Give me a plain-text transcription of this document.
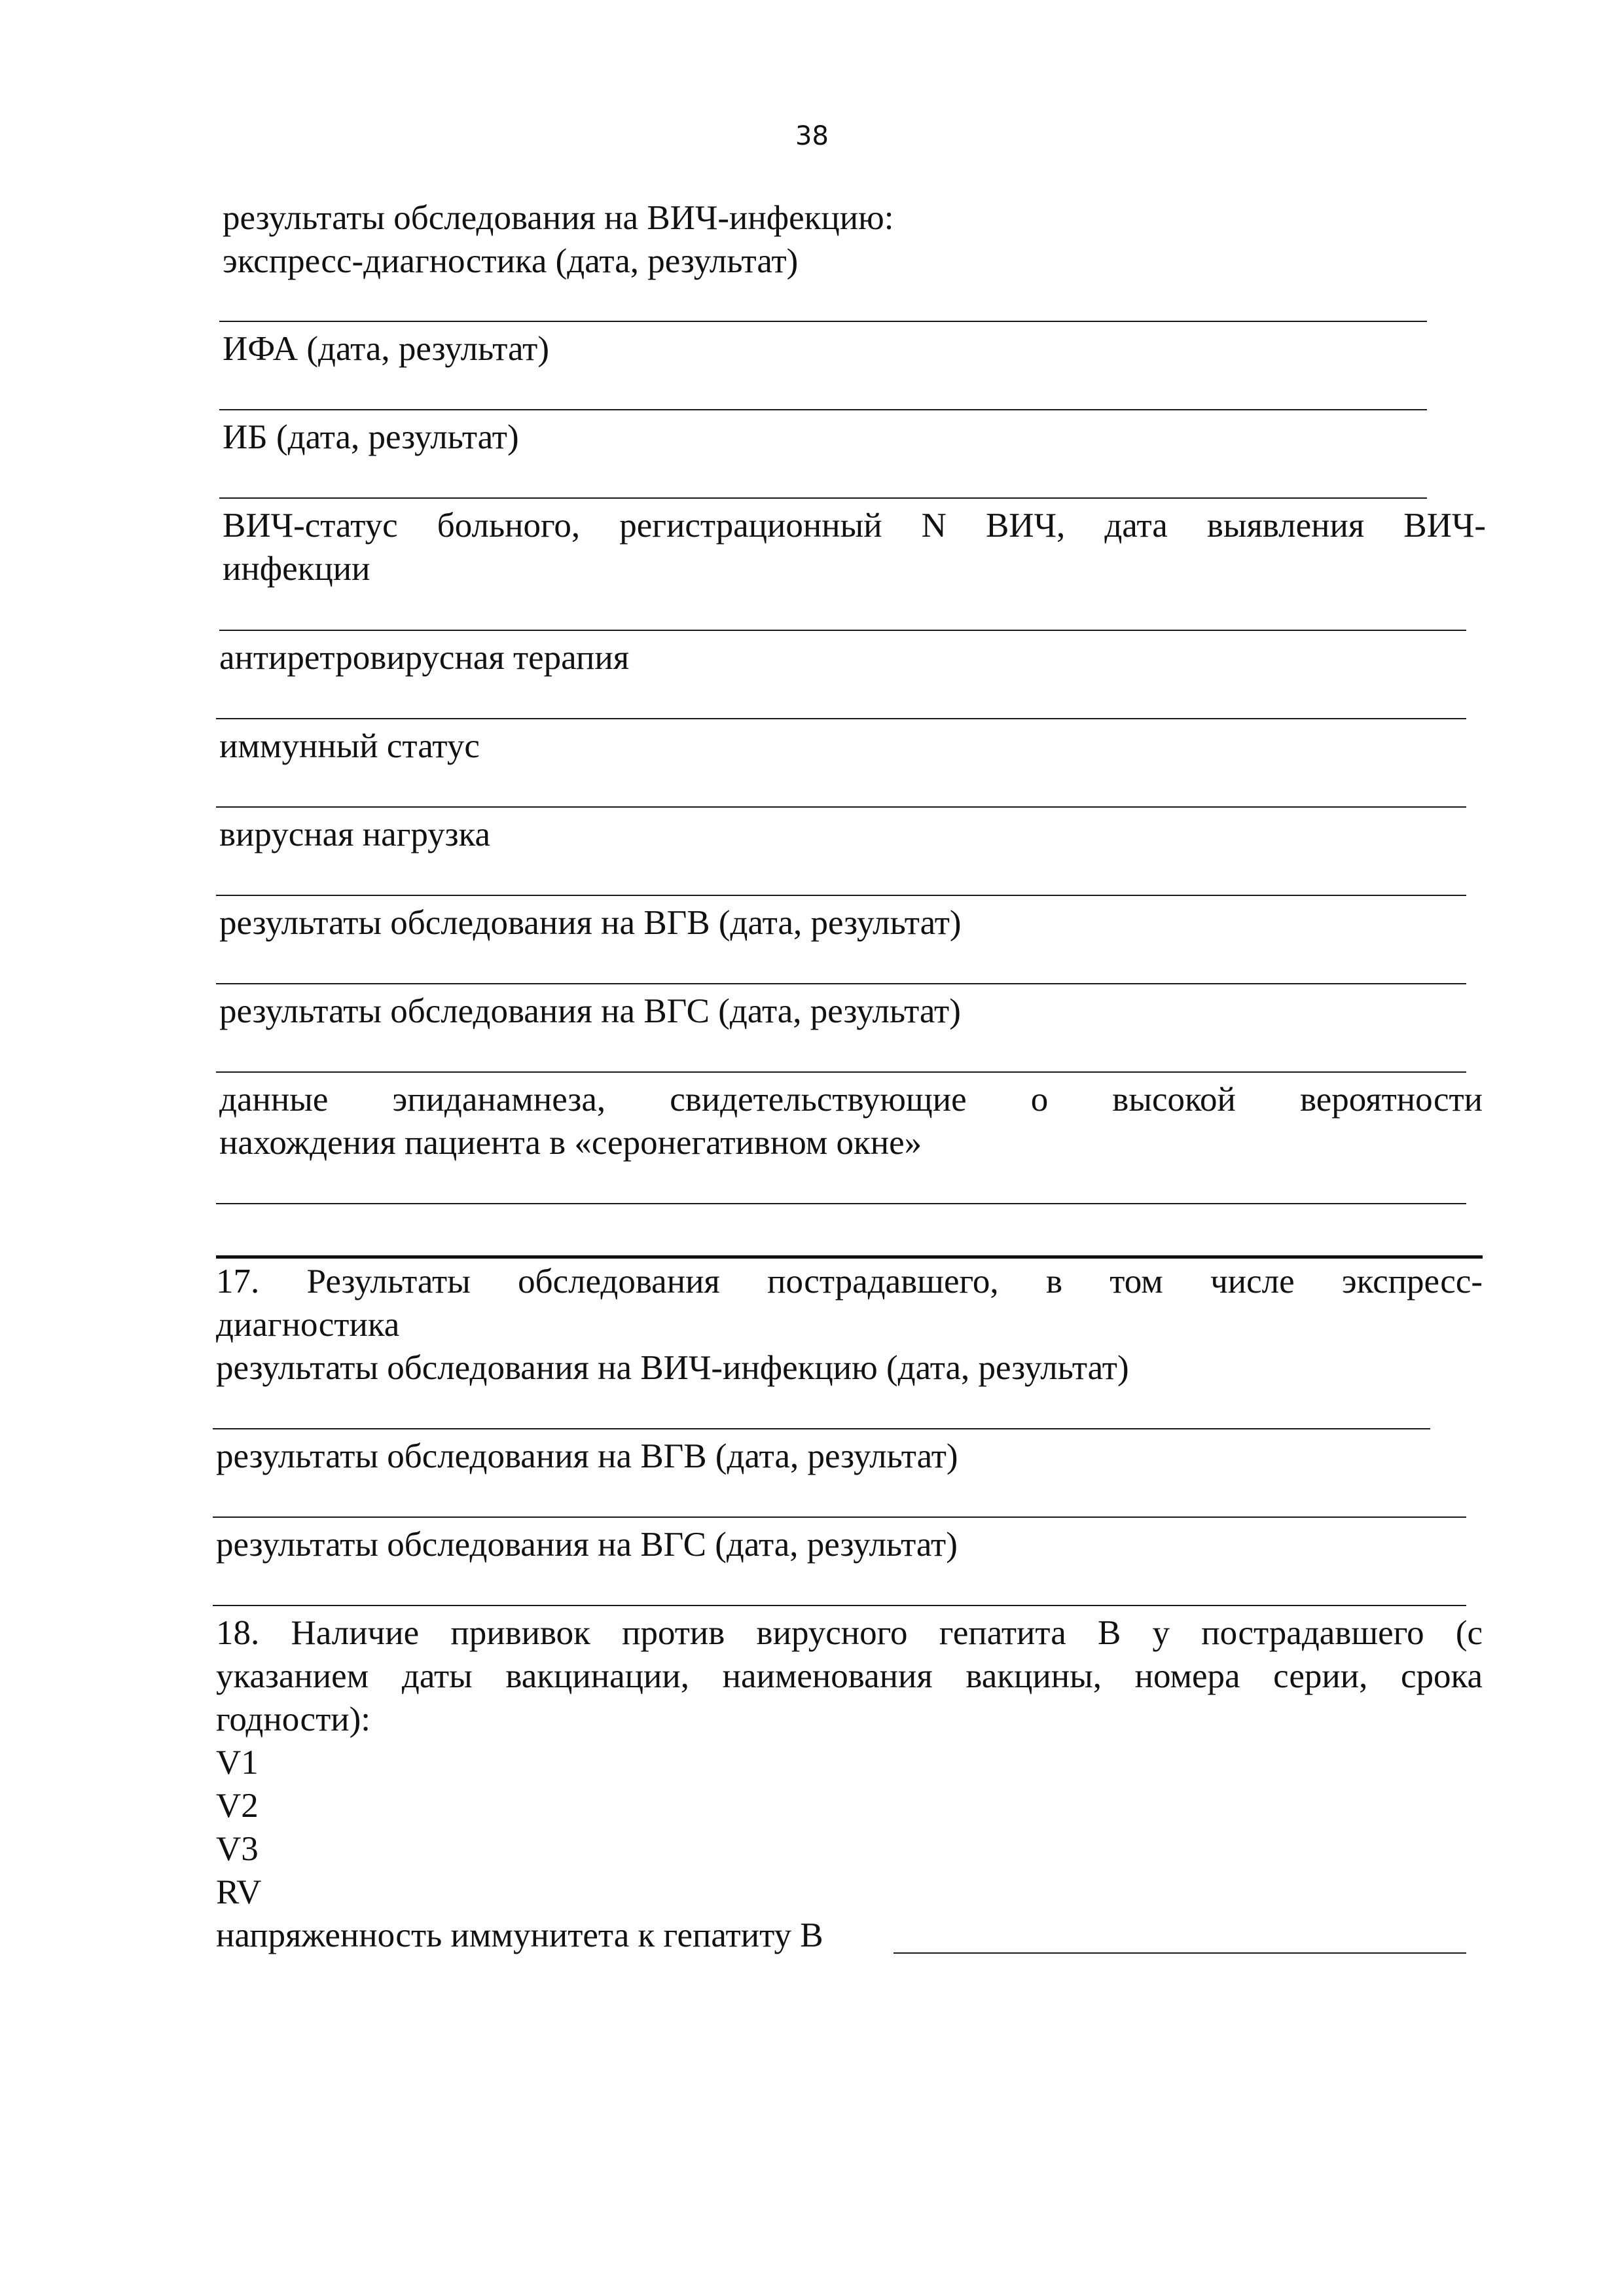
38
результаты обследования на ВИЧ-инфекцию:
экспресс-диагностика (дата, результат)
ИФА (дата, результат)
ИБ (дата, результат)
ВИЧ-статус больного, регистрационный N ВИЧ, дата выявления ВИЧ-
инфекции
антиретровирусная терапия
иммунный статус
вирусная нагрузка
результаты обследования на ВГВ (дата, результат)
результаты обследования на ВГС (дата, результат)
данные эпиданамнеза, свидетельствующие о высокой вероятности
нахождения пациента в «серонегативном окне»
17. Результаты обследования пострадавшего, в том числе экспресс-
диагностика
результаты обследования на ВИЧ-инфекцию (дата, результат)
результаты обследования на ВГВ (дата, результат)
результаты обследования на ВГС (дата, результат)
18. Наличие прививок против вирусного гепатита В у пострадавшего (с
указанием даты вакцинации, наименования вакцины, номера серии, срока
годности):
V1
V2
V3
RV
напряженность иммунитета к гепатиту В
